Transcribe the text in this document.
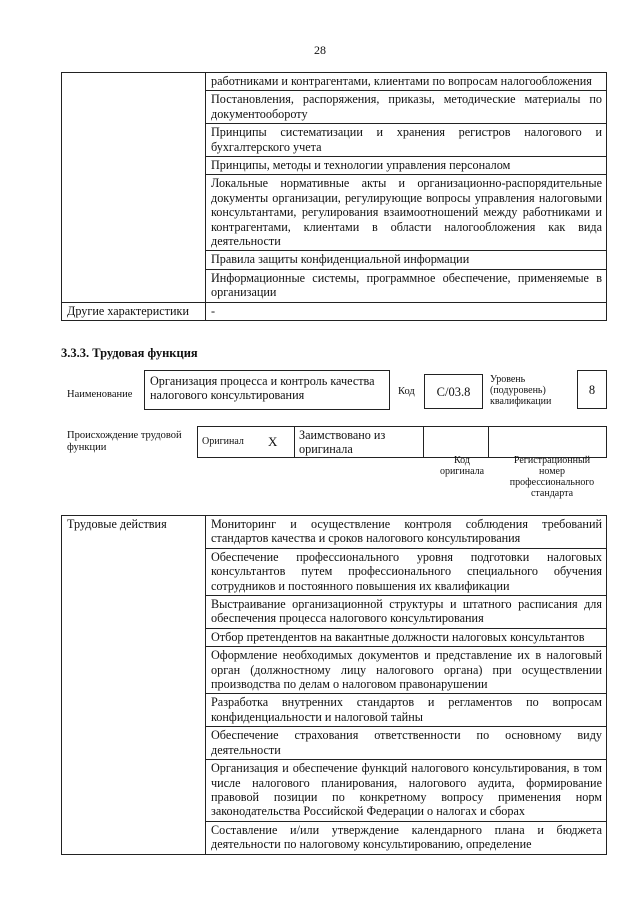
28
	работниками и контрагентами, клиентами по вопросам налогообложения
	Постановления, распоряжения, приказы, методические материалы по документообороту
	Принципы систематизации и хранения регистров налогового и бухгалтерского учета
	Принципы, методы и технологии управления персоналом
	Локальные нормативные акты и организационно-распорядительные документы организации, регулирующие вопросы управления налоговыми консультантами, регулирования взаимоотношений между работниками и контрагентами, клиентами в области налогообложения как вида деятельности
	Правила защиты конфиденциальной информации
	Информационные системы, программное обеспечение, применяемые в организации
Другие характеристики	-
3.3.3. Трудовая функция
Наименование
Организация процесса и контроль качества налогового консультирования	Код	C/03.8
Уровень (подуровень) квалификации
8
Происхождение трудовой функции
Оригинал	X	Заимствовано из оригинала		
Код оригинала
Регистрационный номер профессионального стандарта
Трудовые действия	Мониторинг и осуществление контроля соблюдения требований стандартов качества и сроков налогового консультирования
Обеспечение профессионального уровня подготовки налоговых консультантов путем профессионального специального обучения сотрудников и постоянного повышения их квалификации
Выстраивание организационной структуры и штатного расписания для обеспечения процесса налогового консультирования
Отбор претендентов на вакантные должности налоговых консультантов
Оформление необходимых документов и представление их в налоговый орган (должностному лицу налогового органа) при осуществлении производства по делам о налоговом правонарушении
Разработка внутренних стандартов и регламентов по вопросам конфиденциальности и налоговой тайны
Обеспечение страхования ответственности по основному виду деятельности
Организация и обеспечение функций налогового консультирования, в том числе налогового планирования, налогового аудита, формирование правовой позиции по конкретному вопросу применения норм законодательства Российской Федерации о налогах и сборах
Составление и/или утверждение календарного плана и бюджета деятельности по налоговому консультированию, определение
